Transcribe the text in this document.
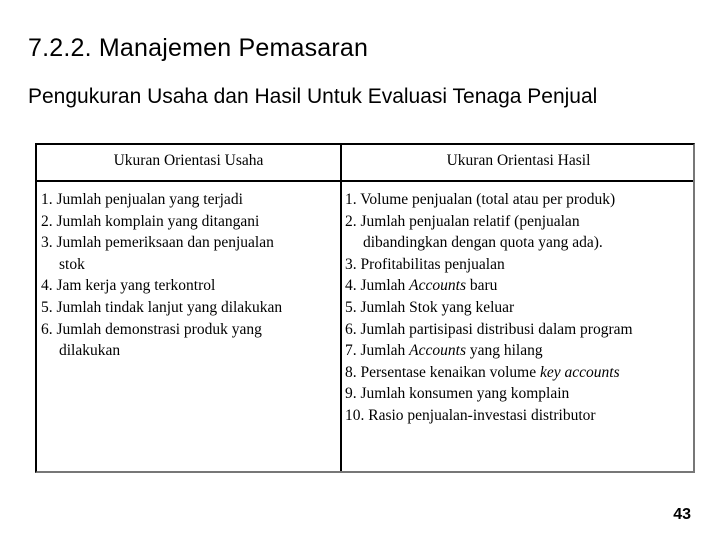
7.2.2. Manajemen Pemasaran
Pengukuran Usaha dan Hasil Untuk Evaluasi Tenaga Penjual
Ukuran Orientasi Usaha	Ukuran Orientasi Hasil
1. Jumlah penjualan yang terjadi
2. Jumlah komplain yang ditangani
3. Jumlah pemeriksaan dan penjualan
stok
4. Jam kerja yang terkontrol
5. Jumlah tindak lanjut yang dilakukan
6. Jumlah demonstrasi produk yang
dilakukan
1. Volume penjualan (total atau per produk)
2. Jumlah penjualan relatif (penjualan
dibandingkan dengan quota yang ada).
3. Profitabilitas penjualan
4. Jumlah Accounts baru
5. Jumlah Stok yang keluar
6. Jumlah partisipasi distribusi dalam program
7. Jumlah Accounts yang hilang
8. Persentase kenaikan volume key accounts
9. Jumlah konsumen yang komplain
10. Rasio penjualan-investasi distributor
43
